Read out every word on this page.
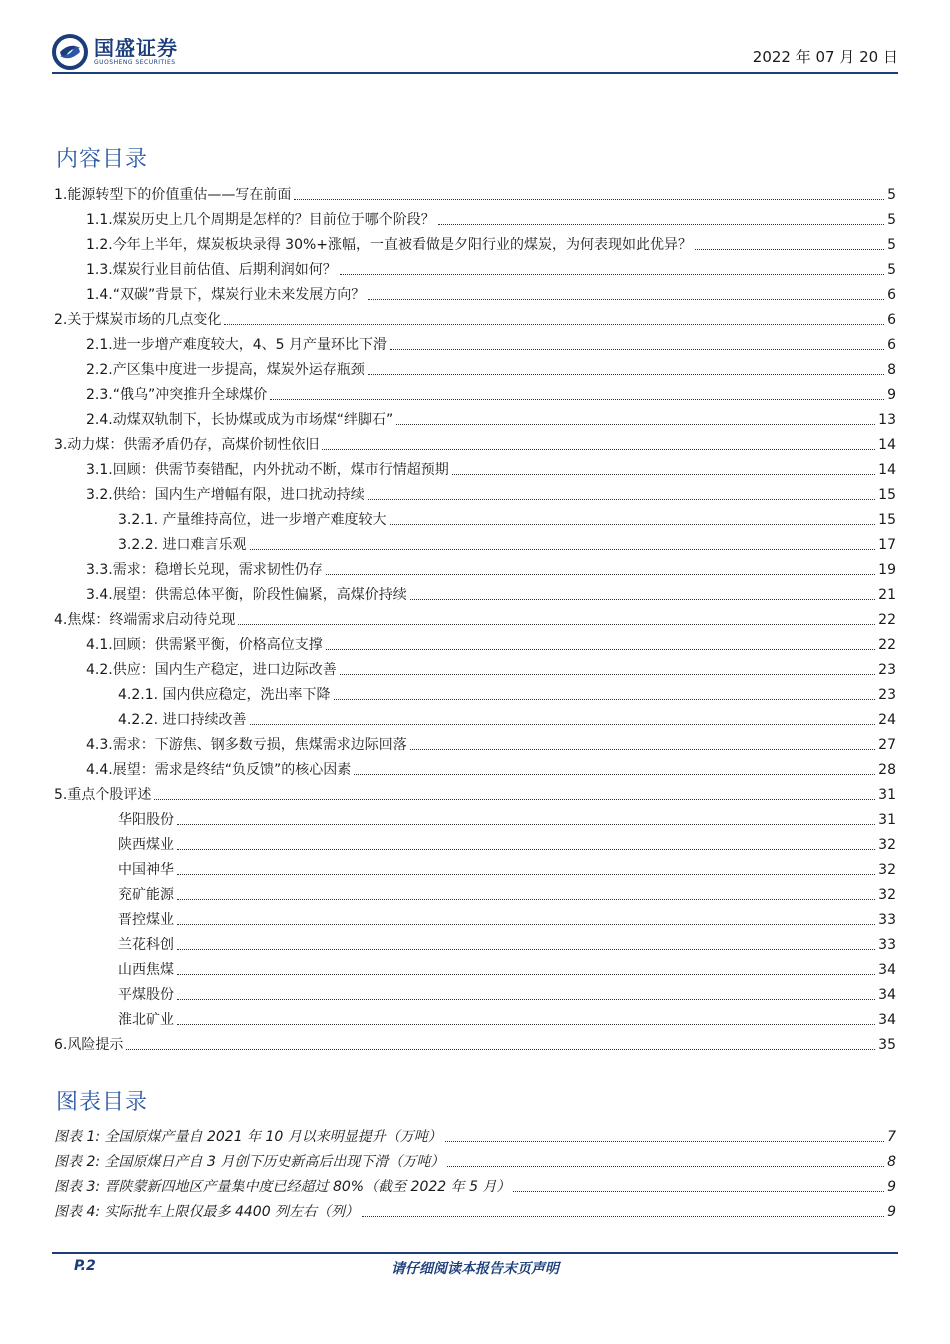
国盛证券
GUOSHENG SECURITIES	2022 年 07 月 20 日
内容目录
1.能源转型下的价值重估——写在前面	5
1.1.煤炭历史上几个周期是怎样的？目前位于哪个阶段？	5
1.2.今年上半年，煤炭板块录得 30%+涨幅，一直被看做是夕阳行业的煤炭，为何表现如此优异？	5
1.3.煤炭行业目前估值、后期利润如何？	5
1.4.“双碳”背景下，煤炭行业未来发展方向？	6
2.关于煤炭市场的几点变化	6
2.1.进一步增产难度较大，4、5 月产量环比下滑	6
2.2.产区集中度进一步提高，煤炭外运存瓶颈	8
2.3.“俄乌”冲突推升全球煤价	9
2.4.动煤双轨制下，长协煤或成为市场煤“绊脚石”	13
3.动力煤：供需矛盾仍存，高煤价韧性依旧	14
3.1.回顾：供需节奏错配，内外扰动不断，煤市行情超预期	14
3.2.供给：国内生产增幅有限，进口扰动持续	15
3.2.1. 产量维持高位，进一步增产难度较大	15
3.2.2. 进口难言乐观	17
3.3.需求：稳增长兑现，需求韧性仍存	19
3.4.展望：供需总体平衡，阶段性偏紧，高煤价持续	21
4.焦煤：终端需求启动待兑现	22
4.1.回顾：供需紧平衡，价格高位支撑	22
4.2.供应：国内生产稳定，进口边际改善	23
4.2.1. 国内供应稳定，洗出率下降	23
4.2.2. 进口持续改善	24
4.3.需求：下游焦、钢多数亏损，焦煤需求边际回落	27
4.4.展望：需求是终结“负反馈”的核心因素	28
5.重点个股评述	31
华阳股份	31
陕西煤业	32
中国神华	32
兖矿能源	32
晋控煤业	33
兰花科创	33
山西焦煤	34
平煤股份	34
淮北矿业	34
6.风险提示	35
图表目录
图表 1: 全国原煤产量自 2021 年 10 月以来明显提升（万吨）	7
图表 2: 全国原煤日产自 3 月创下历史新高后出现下滑（万吨）	8
图表 3: 晋陕蒙新四地区产量集中度已经超过 80%（截至 2022 年 5 月）	9
图表 4: 实际批车上限仅最多 4400 列左右（列）	9
P.2	请仔细阅读本报告末页声明
